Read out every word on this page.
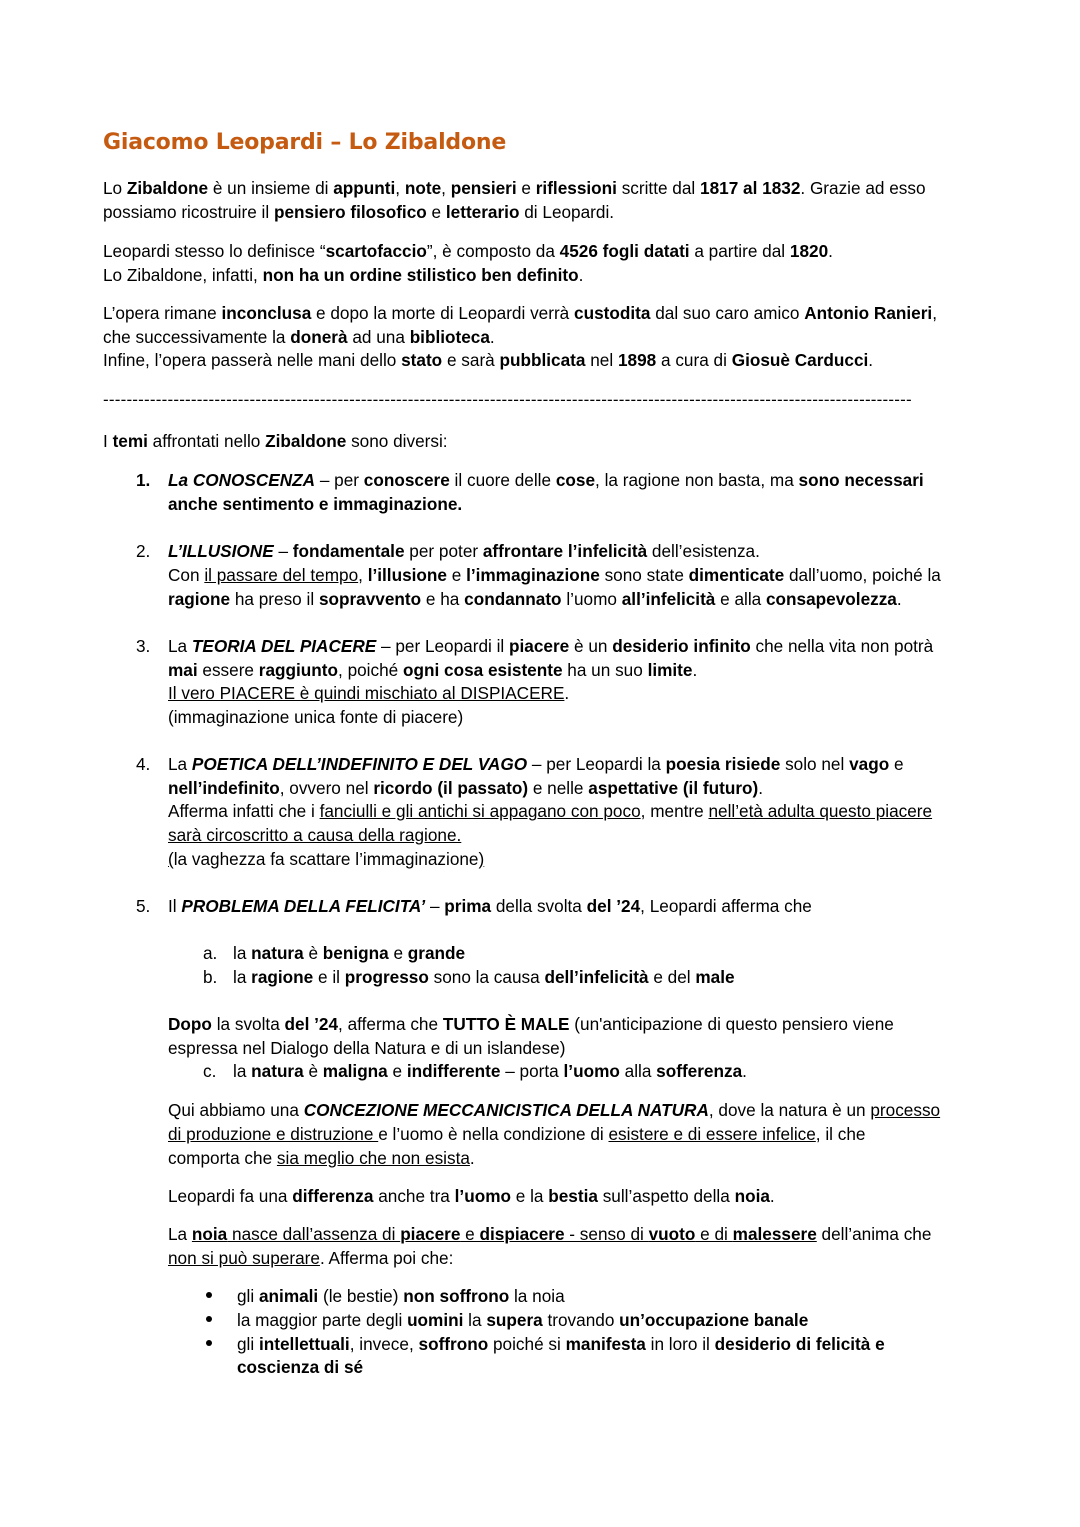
Giacomo Leopardi – Lo Zibaldone
Lo Zibaldone è un insieme di appunti, note, pensieri e riflessioni scritte dal 1817 al 1832. Grazie ad esso
possiamo ricostruire il pensiero filosofico e letterario di Leopardi.
Leopardi stesso lo definisce “scartofaccio”, è composto da 4526 fogli datati a partire dal 1820.
Lo Zibaldone, infatti, non ha un ordine stilistico ben definito.
L’opera rimane inconclusa e dopo la morte di Leopardi verrà custodita dal suo caro amico Antonio Ranieri,
che successivamente la donerà ad una biblioteca.
Infine, l’opera passerà nelle mani dello stato e sarà pubblicata nel 1898 a cura di Giosuè Carducci.
------------------------------------------------------------------------------------------------------------------------------------------
I temi affrontati nello Zibaldone sono diversi:
1. La CONOSCENZA – per conoscere il cuore delle cose, la ragione non basta, ma sono necessari
anche sentimento e immaginazione.
2. L’ILLUSIONE – fondamentale per poter affrontare l’infelicità dell’esistenza.
Con il passare del tempo, l’illusione e l’immaginazione sono state dimenticate dall’uomo, poiché la
ragione ha preso il sopravvento e ha condannato l’uomo all’infelicità e alla consapevolezza.
3. La TEORIA DEL PIACERE – per Leopardi il piacere è un desiderio infinito che nella vita non potrà
mai essere raggiunto, poiché ogni cosa esistente ha un suo limite.
Il vero PIACERE è quindi mischiato al DISPIACERE.
(immaginazione unica fonte di piacere)
4. La POETICA DELL’INDEFINITO E DEL VAGO – per Leopardi la poesia risiede solo nel vago e
nell’indefinito, ovvero nel ricordo (il passato) e nelle aspettative (il futuro).
Afferma infatti che i fanciulli e gli antichi si appagano con poco, mentre nell’età adulta questo piacere
sarà circoscritto a causa della ragione.
(la vaghezza fa scattare l’immaginazione)
5. Il PROBLEMA DELLA FELICITA’ – prima della svolta del ’24, Leopardi afferma che
a. la natura è benigna e grande
b. la ragione e il progresso sono la causa dell’infelicità e del male
Dopo la svolta del ’24, afferma che TUTTO È MALE (un'anticipazione di questo pensiero viene
espressa nel Dialogo della Natura e di un islandese)
c. la natura è maligna e indifferente – porta l’uomo alla sofferenza.
Qui abbiamo una CONCEZIONE MECCANICISTICA DELLA NATURA, dove la natura è un processo
di produzione e distruzione e l’uomo è nella condizione di esistere e di essere infelice, il che
comporta che sia meglio che non esista.
Leopardi fa una differenza anche tra l’uomo e la bestia sull’aspetto della noia.
La noia nasce dall’assenza di piacere e dispiacere - senso di vuoto e di malessere dell’anima che
non si può superare. Afferma poi che:
gli animali (le bestie) non soffrono la noia
la maggior parte degli uomini la supera trovando un’occupazione banale
gli intellettuali, invece, soffrono poiché si manifesta in loro il desiderio di felicità e
coscienza di sé
